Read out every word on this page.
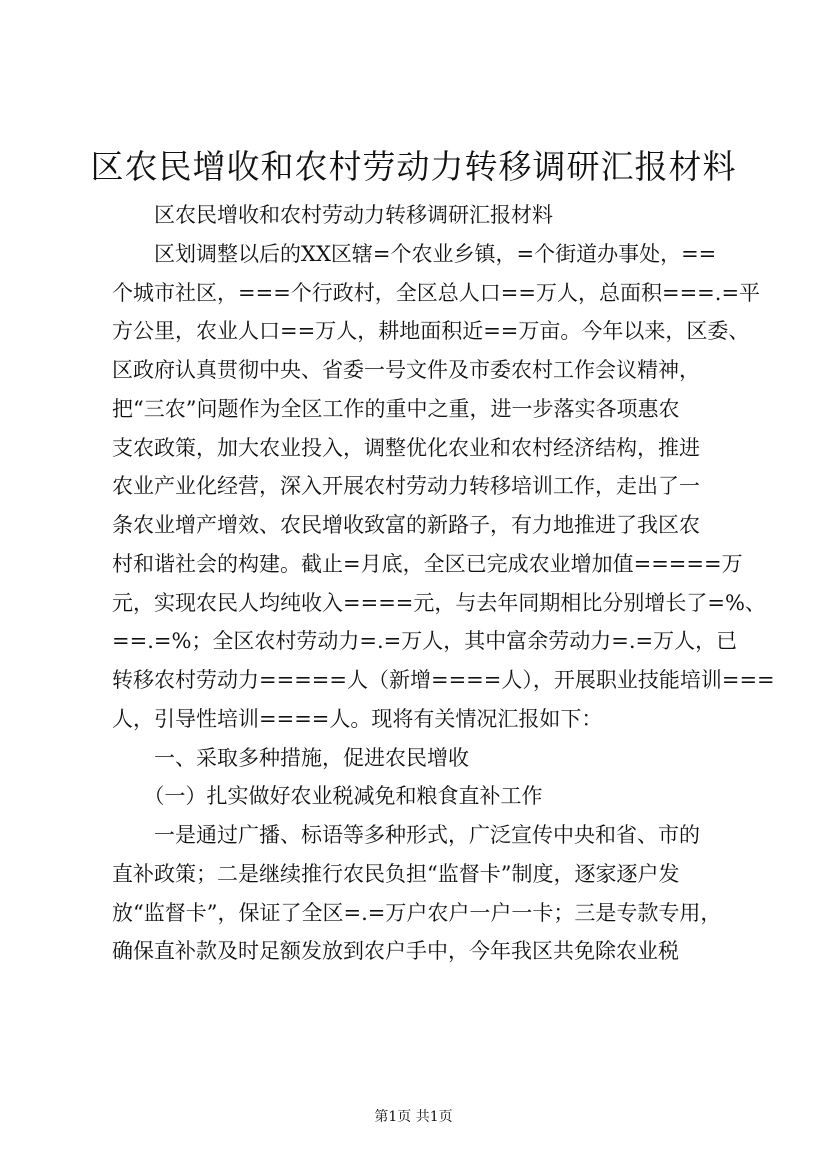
区农民增收和农村劳动力转移调研汇报材料

　　区农民增收和农村劳动力转移调研汇报材料

　　区划调整以后的XX区辖=个农业乡镇，=个街道办事处，==

个城市社区，===个行政村，全区总人口==万人，总面积===.=平

方公里，农业人口==万人，耕地面积近==万亩。今年以来，区委、

区政府认真贯彻中央、省委一号文件及市委农村工作会议精神，

把“三农”问题作为全区工作的重中之重，进一步落实各项惠农

支农政策，加大农业投入，调整优化农业和农村经济结构，推进

农业产业化经营，深入开展农村劳动力转移培训工作，走出了一

条农业增产增效、农民增收致富的新路子，有力地推进了我区农

村和谐社会的构建。截止=月底，全区已完成农业增加值=====万

元，实现农民人均纯收入====元，与去年同期相比分别增长了=%、

==.=%；全区农村劳动力=.=万人，其中富余劳动力=.=万人，已

转移农村劳动力=====人（新增====人），开展职业技能培训===

人，引导性培训====人。现将有关情况汇报如下：

　　一、采取多种措施，促进农民增收

　　（一）扎实做好农业税减免和粮食直补工作

　　一是通过广播、标语等多种形式，广泛宣传中央和省、市的

直补政策；二是继续推行农民负担“监督卡”制度，逐家逐户发

放“监督卡”，保证了全区=.=万户农户一户一卡；三是专款专用，

确保直补款及时足额发放到农户手中，今年我区共免除农业税

第1页 共1页
